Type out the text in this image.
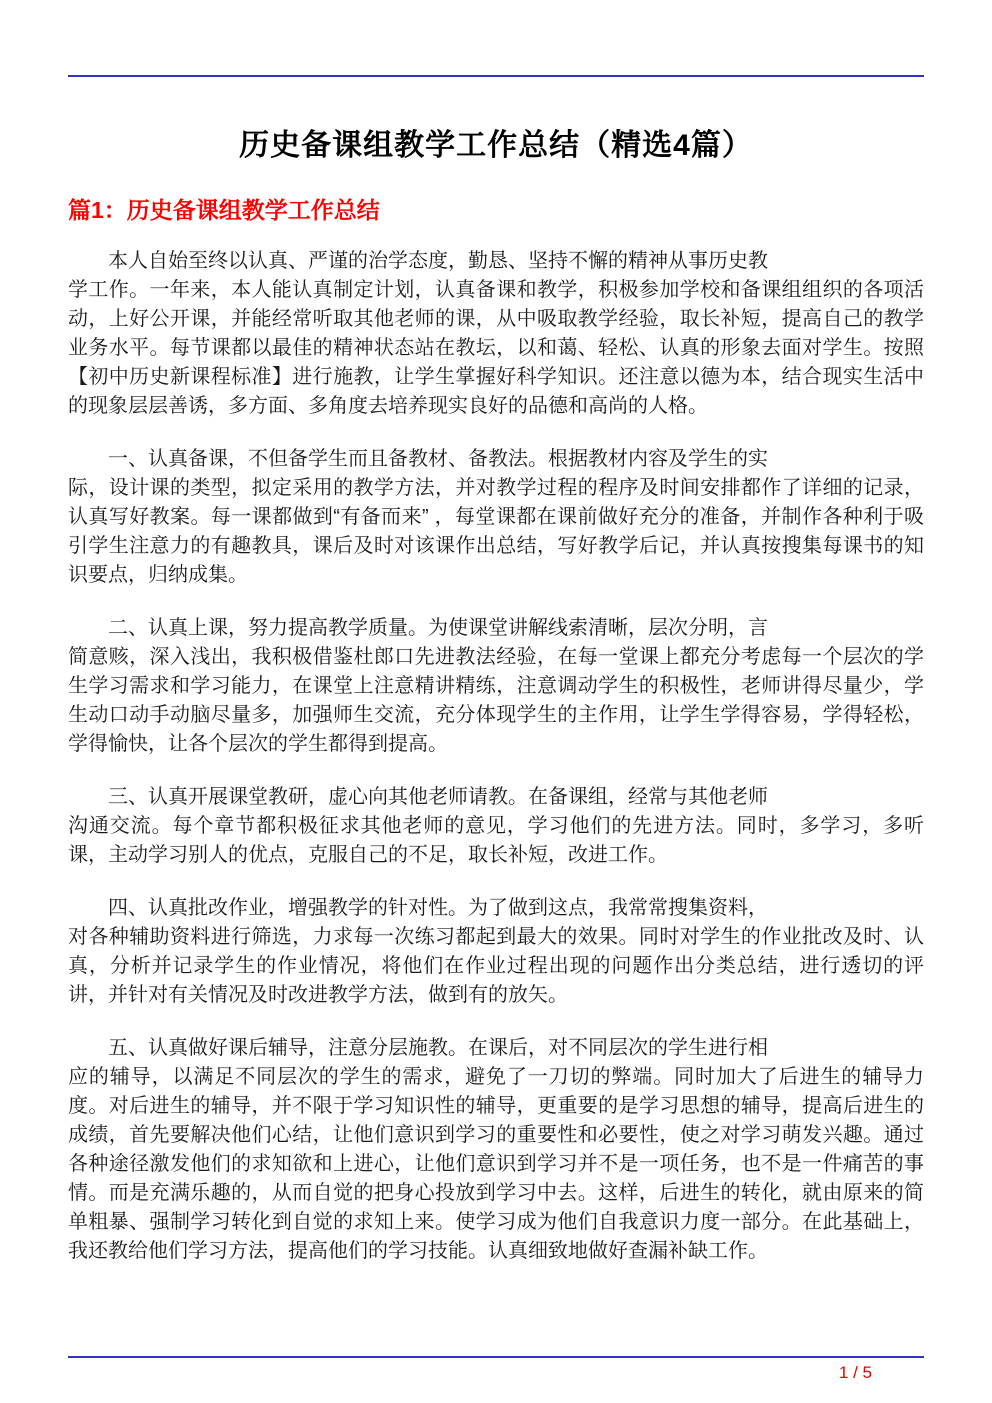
历史备课组教学工作总结（精选4篇）
篇1：历史备课组教学工作总结

本人自始至终以认真、严谨的治学态度，勤恳、坚持不懈的精神从事历史教
学工作。一年来，本人能认真制定计划，认真备课和教学，积极参加学校和备课组组织的各项活动，上好公开课，并能经常听取其他老师的课，从中吸取教学经验，取长补短，提高自己的教学业务水平。每节课都以最佳的精神状态站在教坛，以和蔼、轻松、认真的形象去面对学生。按照【初中历史新课程标准】进行施教，让学生掌握好科学知识。还注意以德为本，结合现实生活中的现象层层善诱，多方面、多角度去培养现实良好的品德和高尚的人格。

一、认真备课，不但备学生而且备教材、备教法。根据教材内容及学生的实
际，设计课的类型，拟定采用的教学方法，并对教学过程的程序及时间安排都作了详细的记录，认真写好教案。每一课都做到“有备而来” ，每堂课都在课前做好充分的准备，并制作各种利于吸引学生注意力的有趣教具，课后及时对该课作出总结，写好教学后记，并认真按搜集每课书的知识要点，归纳成集。

二、认真上课，努力提高教学质量。为使课堂讲解线索清晰，层次分明，言
简意赅，深入浅出，我积极借鉴杜郎口先进教法经验，在每一堂课上都充分考虑每一个层次的学生学习需求和学习能力，在课堂上注意精讲精练，注意调动学生的积极性，老师讲得尽量少，学生动口动手动脑尽量多，加强师生交流，充分体现学生的主作用，让学生学得容易，学得轻松，学得愉快，让各个层次的学生都得到提高。

三、认真开展课堂教研，虚心向其他老师请教。在备课组，经常与其他老师
沟通交流。每个章节都积极征求其他老师的意见，学习他们的先进方法。同时，多学习，多听课，主动学习别人的优点，克服自己的不足，取长补短，改进工作。

四、认真批改作业，增强教学的针对性。为了做到这点，我常常搜集资料，
对各种辅助资料进行筛选，力求每一次练习都起到最大的效果。同时对学生的作业批改及时、认真，分析并记录学生的作业情况，将他们在作业过程出现的问题作出分类总结，进行透切的评讲，并针对有关情况及时改进教学方法，做到有的放矢。

五、认真做好课后辅导，注意分层施教。在课后，对不同层次的学生进行相
应的辅导，以满足不同层次的学生的需求，避免了一刀切的弊端。同时加大了后进生的辅导力度。对后进生的辅导，并不限于学习知识性的辅导，更重要的是学习思想的辅导，提高后进生的成绩，首先要解决他们心结，让他们意识到学习的重要性和必要性，使之对学习萌发兴趣。通过各种途径激发他们的求知欲和上进心，让他们意识到学习并不是一项任务，也不是一件痛苦的事情。而是充满乐趣的，从而自觉的把身心投放到学习中去。这样，后进生的转化，就由原来的简单粗暴、强制学习转化到自觉的求知上来。使学习成为他们自我意识力度一部分。在此基础上，我还教给他们学习方法，提高他们的学习技能。认真细致地做好查漏补缺工作。

1 / 5
